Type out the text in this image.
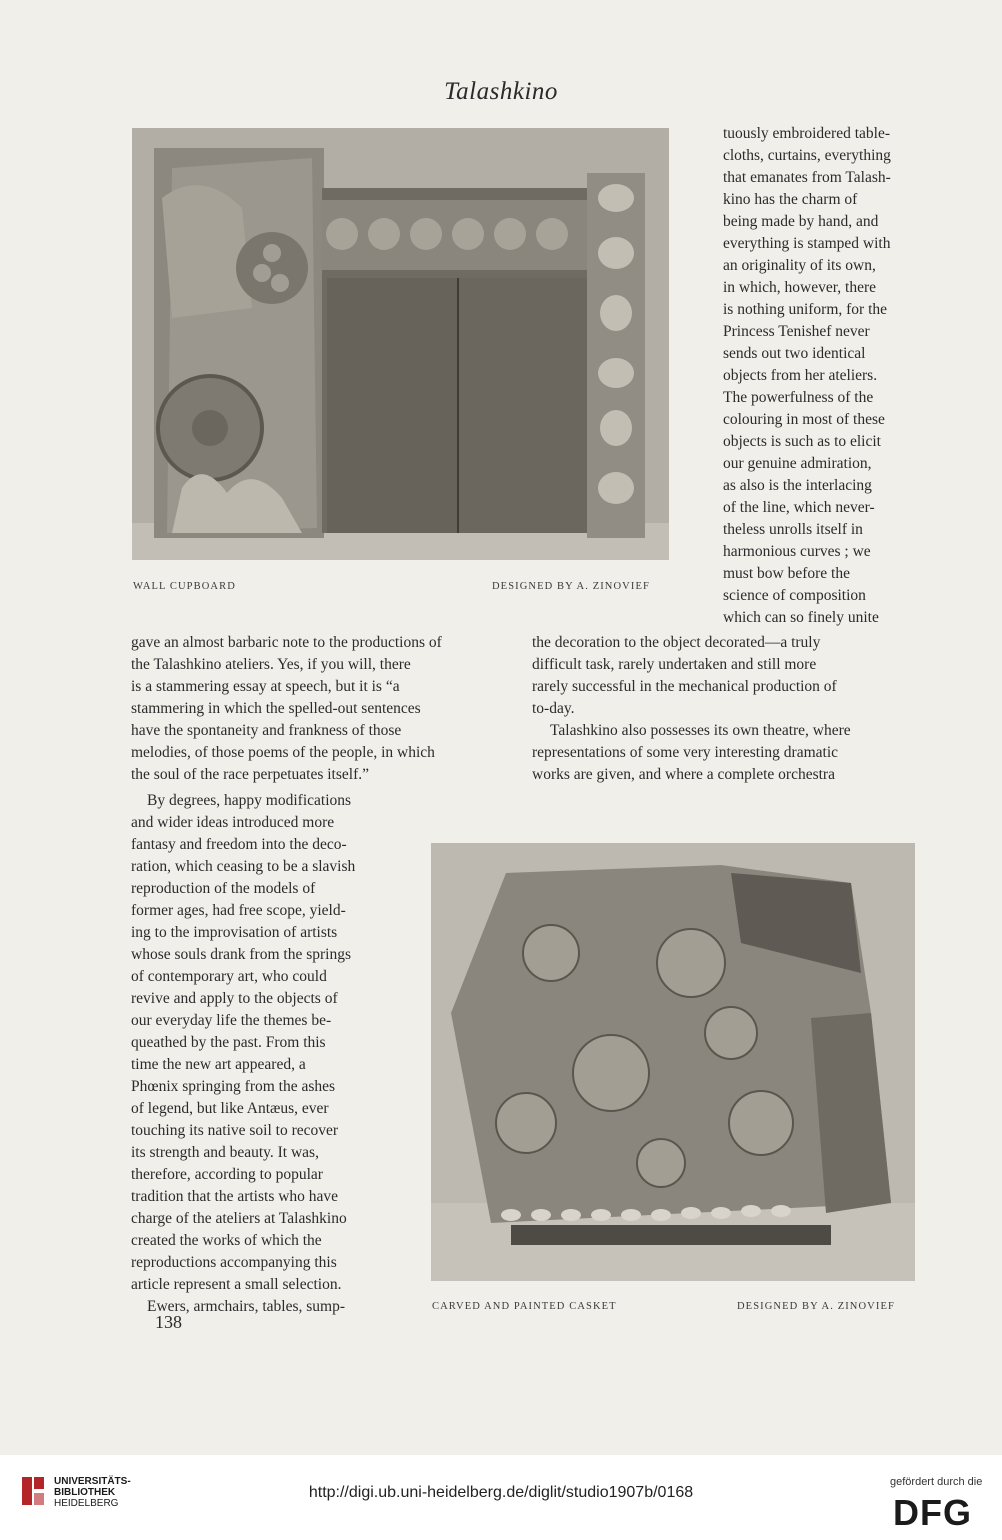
Talashkino
WALL CUPBOARD	DESIGNED BY A. ZINOVIEF

tuously embroidered table-

cloths, curtains, everything

that emanates from Talash-

kino has the charm of

being made by hand, and

everything is stamped with

an originality of its own,

in which, however, there

is nothing uniform, for the

Princess Tenishef never

sends out two identical

objects from her ateliers.

The powerfulness of the

colouring in most of these

objects is such as to elicit

our genuine admiration,

as also is the interlacing

of the line, which never-

theless unrolls itself in

harmonious curves ; we

must bow before the

science of composition

which can so finely unite

gave an almost barbaric note to the productions of

the Talashkino ateliers. Yes, if you will, there

is a stammering essay at speech, but it is “a

stammering in which the spelled-out sentences

have the spontaneity and frankness of those

melodies, of those poems of the people, in which

the soul of the race perpetuates itself.”

the decoration to the object decorated—a truly

difficult task, rarely undertaken and still more

rarely successful in the mechanical production of

to-day.

Talashkino also possesses its own theatre, where

representations of some very interesting dramatic

works are given, and where a complete orchestra

By degrees, happy modifications

and wider ideas introduced more

fantasy and freedom into the deco-

ration, which ceasing to be a slavish

reproduction of the models of

former ages, had free scope, yield-

ing to the improvisation of artists

whose souls drank from the springs

of contemporary art, who could

revive and apply to the objects of

our everyday life the themes be-

queathed by the past. From this

time the new art appeared, a

Phœnix springing from the ashes

of legend, but like Antæus, ever

touching its native soil to recover

its strength and beauty. It was,

therefore, according to popular

tradition that the artists who have

charge of the ateliers at Talashkino

created the works of which the

reproductions accompanying this

article represent a small selection.

Ewers, armchairs, tables, sump-	CARVED AND PAINTED CASKET	DESIGNED BY A. ZINOVIEF
138
UNIVERSITÄTS-
BIBLIOTHEK
HEIDELBERG
http://digi.ub.uni-heidelberg.de/diglit/studio1907b/0168
gefördert durch die
DFG
